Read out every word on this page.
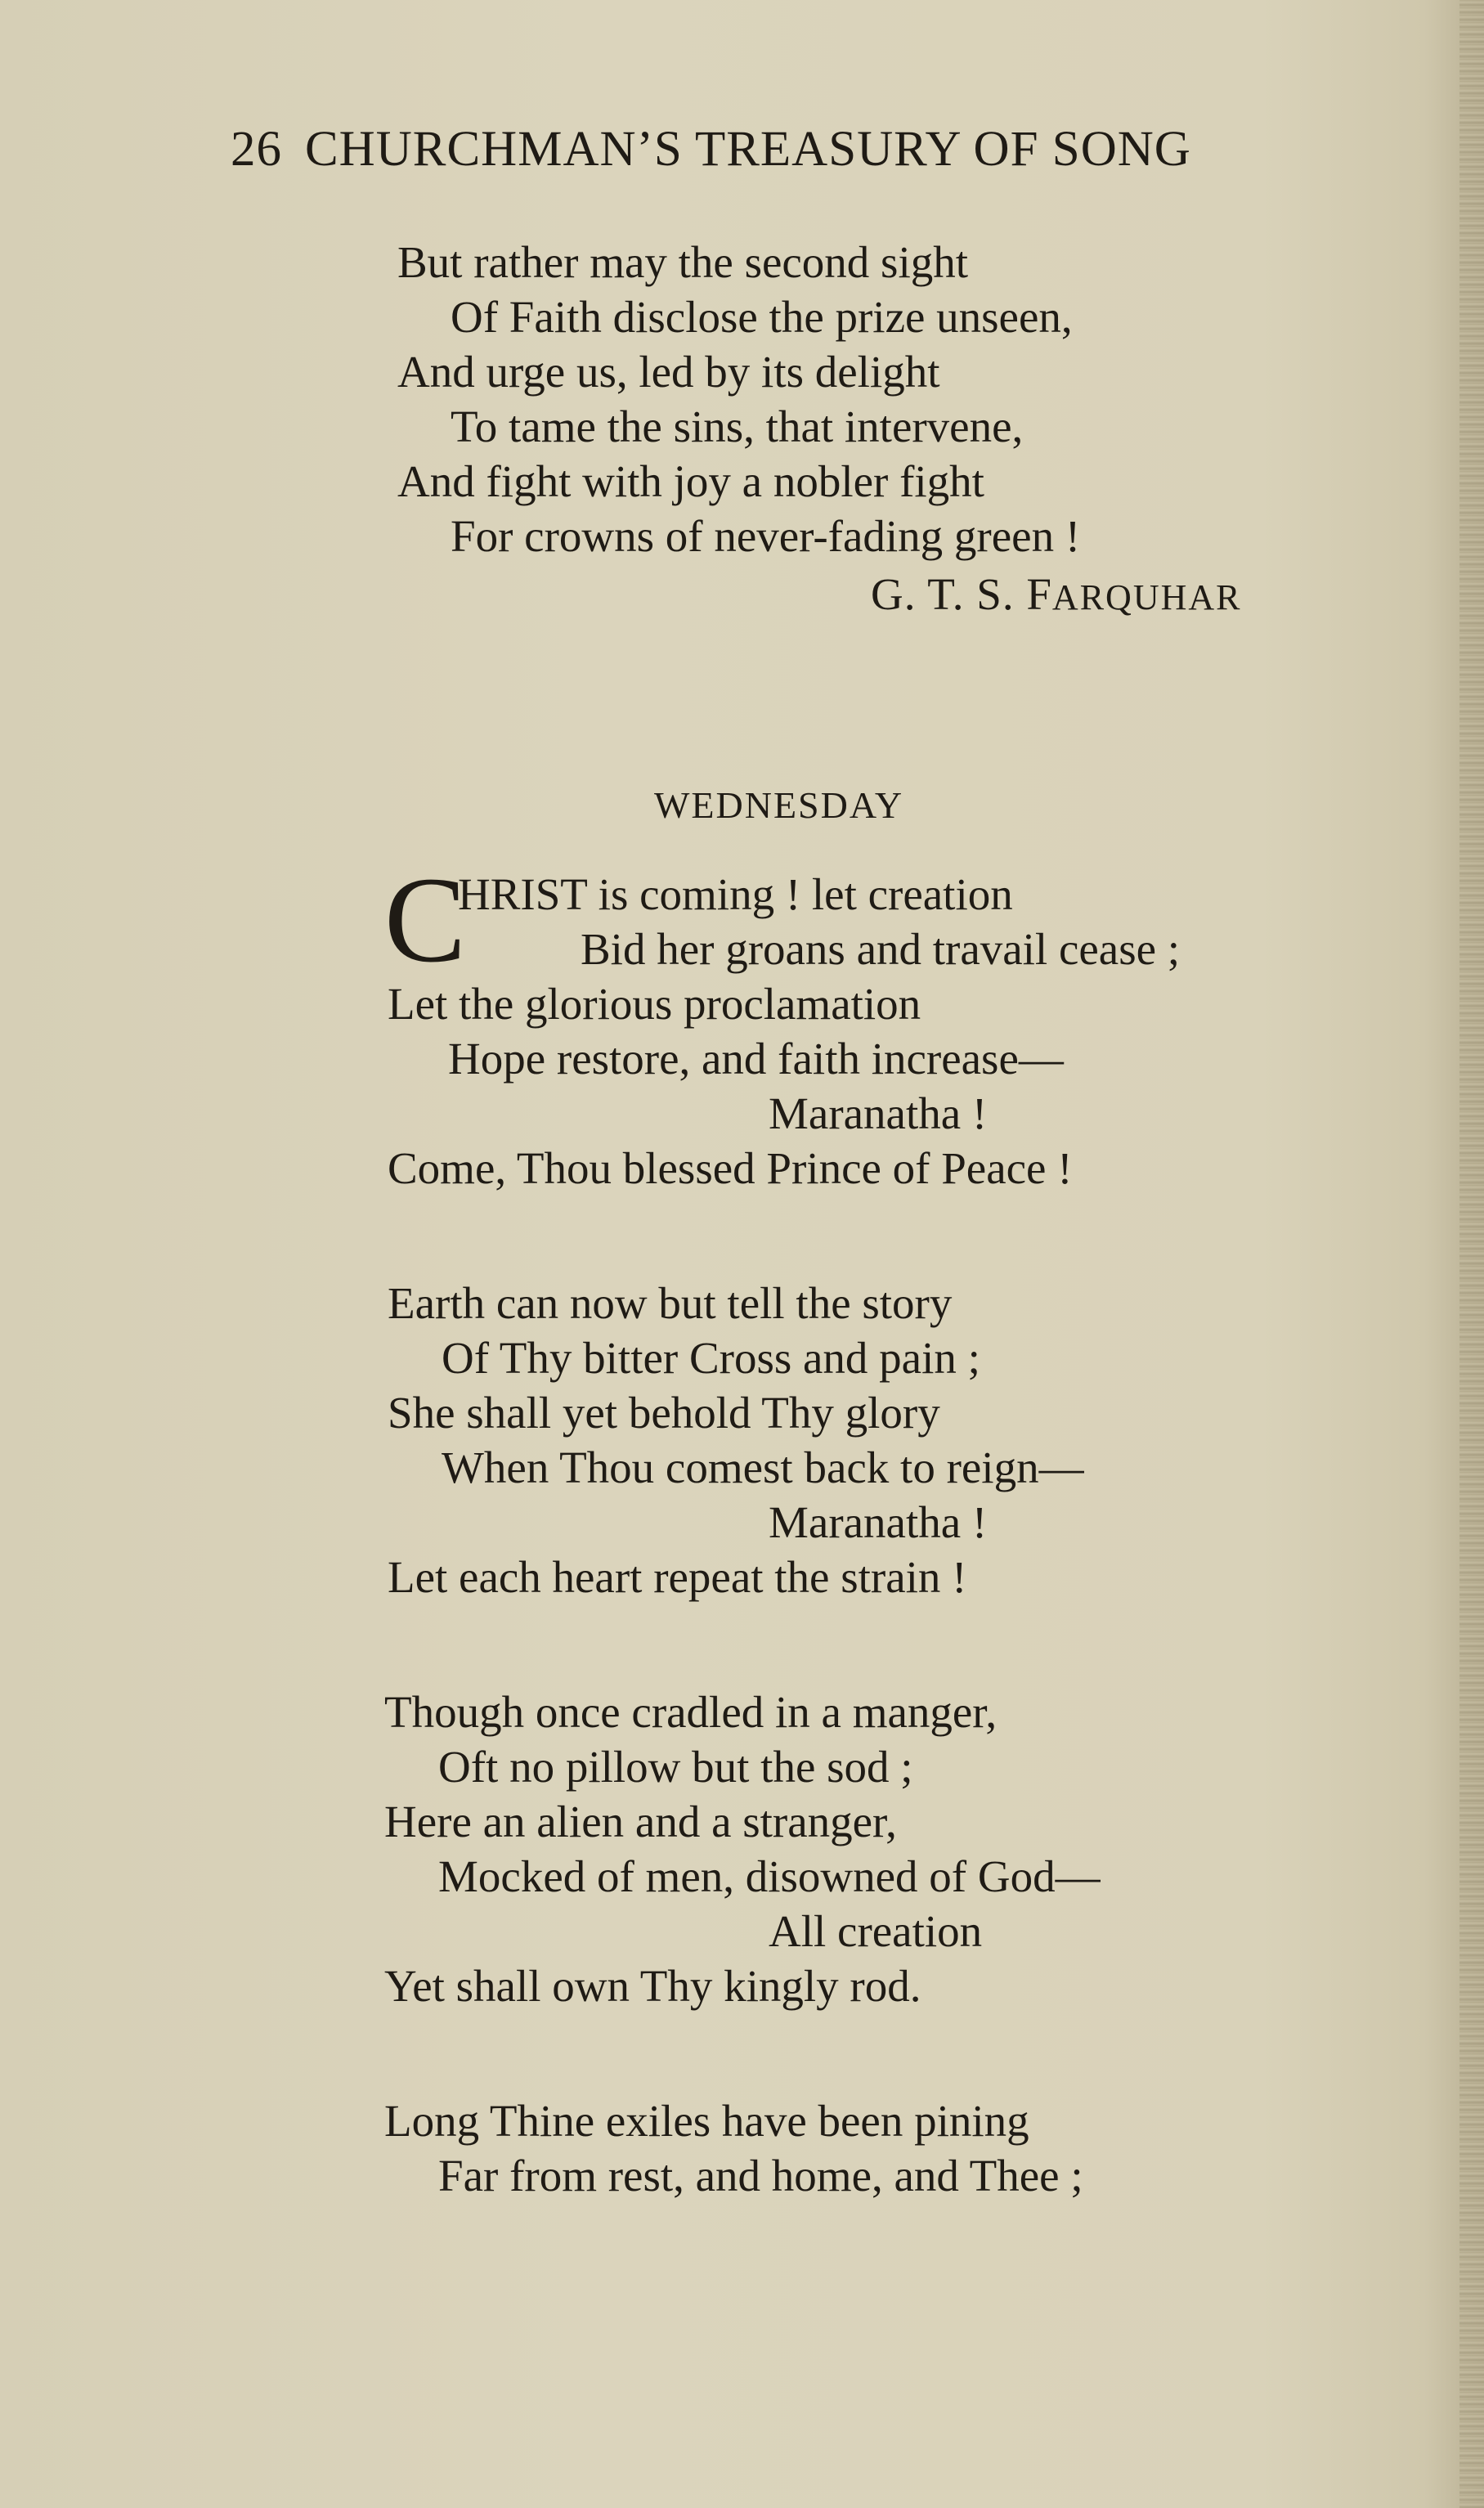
26 CHURCHMAN’S TREASURY OF SONG
But rather may the second sight
Of Faith disclose the prize unseen,
And urge us, led by its delight
To tame the sins, that intervene,
And fight with joy a nobler fight
For crowns of never-fading green !
G. T. S. FARQUHAR
WEDNESDAY
C
HRIST is coming ! let creation
Bid her groans and travail cease ;
Let the glorious proclamation
Hope restore, and faith increase—
Maranatha !
Come, Thou blessed Prince of Peace !
Earth can now but tell the story
Of Thy bitter Cross and pain ;
She shall yet behold Thy glory
When Thou comest back to reign—
Maranatha !
Let each heart repeat the strain !
Though once cradled in a manger,
Oft no pillow but the sod ;
Here an alien and a stranger,
Mocked of men, disowned of God—
All creation
Yet shall own Thy kingly rod.
Long Thine exiles have been pining
Far from rest, and home, and Thee ;
